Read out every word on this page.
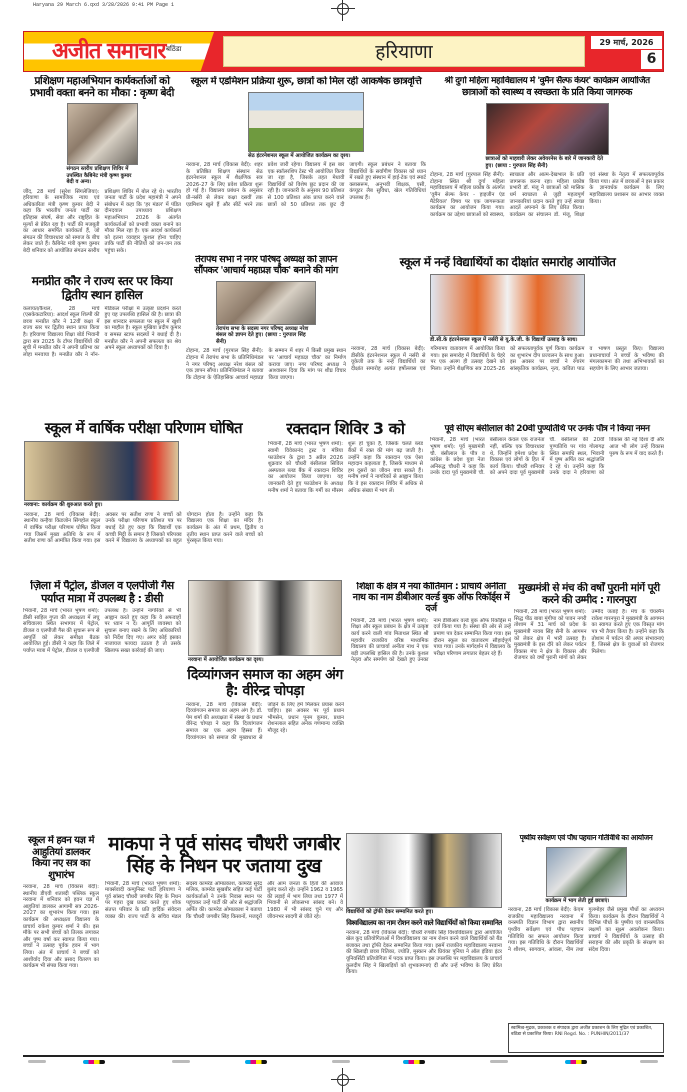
Haryana 29 March 6.qxd 3/28/2026 9:41 PM Page 1
अजीत समाचार बठिंडा	हरियाणा	29 मार्च, 2026
6
प्रशिक्षण महाअभियान कार्यकर्ताओं को प्रभावी वक्ता बनने का मौका : कृष्ण बेदी
संगठन स्तरीय प्रशिक्षण शिविर में उपस्थित कैबिनेट मंत्री कृष्ण कुमार बेदी व अन्य।
जींद, 28 मार्च (सुरेश सिंगलेजिया): हरियाणा के सामाजिक न्याय एवं अधिकारिता मंत्री कृष्ण कुमार बेदी ने कहा कि भारतीय जनता पार्टी का इतिहास संघर्ष, सेवा और राष्ट्रहित के मूल्यों से प्रेरित रहा है। पार्टी की मजबूती का आधार समर्पित कार्यकर्ता हैं, जो संगठन की विचारधारा को समाज के बीच लेकर जाते हैं। कैबिनेट मंत्री कृष्ण कुमार बेदी शनिवार को आयोजित संगठन स्तरीय प्रशिक्षण शिविर में बोल रहे थे। भारतीय जनता पार्टी के प्रदेश महामंत्री ने अपने संबोधन में कहा कि 'हर मंडल' में पंडित दीनदयाल उपाध्याय प्रशिक्षण महाअभियान 2026 के अंतर्गत कार्यकर्ताओं को प्रभावी वक्ता बनाने का मौका मिल रहा है। एक आदर्श कार्यकर्ता को इतना व्यवहार कुशल होना चाहिए ताकि पार्टी की नीतियों को जन-जन तक पहुंचा सके।
स्कूल में एडमिशन प्रक्रिया शुरू, छात्रों को मिल रही आकर्षक छात्रवृत्ति
सेठ इंटरनेशनल स्कूल में आयोजित कार्यक्रम का दृश्य।
नरवाना, 28 मार्च (विकास बेदी): शहर के प्रतिष्ठित शिक्षण संस्थान सेठ इंटरनेशनल स्कूल में शैक्षणिक सत्र 2026-27 के लिए प्रवेश प्रक्रिया शुरू हो गई है। विद्यालय प्रबंधन के अनुसार प्री-नर्सरी से लेकर कक्षा दसवीं तक एडमिशन खुले हैं और सीटें भरने तक प्रवेश जारी रहेगा। विद्यालय में इस बार एक स्कॉलरशिप टेस्ट भी आयोजित किया जा रहा है, जिसके तहत मेधावी विद्यार्थियों को विशेष छूट प्रदान की जा रही है। जानकारी के अनुसार 90 प्रतिशत से 100 प्रतिशत अंक प्राप्त करने वाले छात्रों को 50 प्रतिशत तक छूट दी जाएगी। स्कूल प्रबंधन ने बताया कि विद्यार्थियों के सर्वांगीण विकास को ध्यान में रखते हुए संस्थान में हाई-टेक एवं स्मार्ट क्लासरूम, अनुभवी शिक्षक, एसी, कंप्यूटर लैब सुविधा, खेल गतिविधियां उपलब्ध हैं।
श्री दुर्गा महिला महाविद्यालय में 'वुमैन सैल्फ केयर' कार्यक्रम आयोजित
छात्राओं को स्वास्थ्य व स्वच्छता के प्रति किया जागरुक
छात्राओं को माहवारी लेकर अवेयरनेस के बारे में जानकारी देते हुए। (छाया : गुरपाल सिंह सैनी)
टोहाना, 28 मार्च (गुरपाल सिंह सैनी): टोहाना स्थित श्री दुर्गा महिला महाविद्यालय में महिला प्रकोष्ठ के अंतर्गत 'वुमैन सेल्फ केयर - हाइजीन एंड मैटेरियल' विषय पर एक जागरूकता कार्यक्रम का आयोजन किया गया। कार्यक्रम का उद्देश्य छात्राओं को स्वास्थ्य, स्वच्छता और आत्म-देखभाल के प्रति जागरूक करना रहा। महिला प्रकोष्ठ प्रभारी डॉ. मंजू ने छात्राओं को मासिक धर्म स्वच्छता से जुड़ी महत्वपूर्ण जानकारियां प्रदान करते हुए उन्हें स्वच्छ आदतें अपनाने के लिए प्रेरित किया। कार्यक्रम का संचालन डॉ. मंजू, शिक्षा एवं संस्था के नेतृत्व में सफलतापूर्वक किया गया। अंत में छात्राओं ने इस प्रकार के ज्ञानवर्धक कार्यक्रम के लिए महाविद्यालय प्रशासन का आभार व्यक्त किया।
तेरापंथ सभा ने नगर परिषद् अध्यक्ष को ज्ञापन सौंपकर 'आचार्य महाप्रज्ञ चौक' बनाने की मांग
तेरापंथ सभा के सदस्य नगर परिषद् अध्यक्ष नरेश बंसल को ज्ञापन देते हुए। (छाया : गुरपाल सिंह सैनी)
टोहाना, 28 मार्च (गुरपाल सिंह सैनी): टोहाना में तेरापंथ सभा के प्रतिनिधिमंडल ने नगर परिषद् अध्यक्ष नरेश बंसल को एक ज्ञापन सौंपा। प्रतिनिधिमंडल ने बताया कि टोहाना के ऐतिहासिक आचार्य महाप्रज्ञ के सम्मान में शहर में किसी प्रमुख स्थान पर 'आचार्य महाप्रज्ञ चौक' का निर्माण कराया जाए। नगर परिषद अध्यक्ष ने आश्वासन दिया कि मांग पर शीघ्र विचार किया जाएगा।
स्कूल में नन्हें विद्यार्थियों का दीक्षांत समारोह आयोजित
डी.सी.के इंटरनेशनल स्कूल में नर्सरी से यू.के.जी. के विद्यार्थी उत्साह के साथ।
नरवाना, 28 मार्च (विकास बेदी): डीसीके इंटरनेशनल स्कूल में नर्सरी से यूकेजी तक के नन्हे विद्यार्थियों का दीक्षांत समारोह अत्यंत हर्षोल्लास एवं गरिमामय वातावरण में आयोजित किया गया। इस समारोह में विद्यार्थियों के चेहरे पर एक अलग ही उत्साह देखने को मिला। उन्होंने शैक्षणिक सत्र 2025-26 को सफलतापूर्वक पूर्ण किया। कार्यक्रम का शुभारंभ दीप प्रज्वलन के साथ हुआ। इस अवसर पर बच्चों ने रंगारंग सांस्कृतिक कार्यक्रम, नृत्य, कविता पाठ व भाषण प्रस्तुत किए। विद्यालय प्रधानाचार्या ने बच्चों के भविष्य की मंगलकामना की तथा अभिभावकों का सहयोग के लिए आभार जताया।
मनप्रीत कौर ने राज्य स्तर पर किया द्वितीय स्थान हासिल
कलायत/कैथल, 28 मार्च (एसकेकटारिया): आदर्श स्कूल शिल्पी की छात्रा मनप्रीत कौर ने 12वीं कक्षा में राज्य स्तर पर द्वितीय स्थान प्राप्त किया है। हरियाणा विद्यालय शिक्षा बोर्ड भिवानी द्वारा सत्र 2025 के टॉपर विद्यार्थियों की सूची में मनप्रीत कौर ने अपनी प्रतिभा का लोहा मनवाया है। मनप्रीत कौर ने नॉन-मेडिकल परीक्षा में उत्कृष्ट प्रदर्शन करते हुए यह उपलब्धि हासिल की है। छात्रा की इस शानदार सफलता पर स्कूल में खुशी का माहौल है। स्कूल मुखिया प्रदीप कुमार व समस्त स्टाफ सदस्यों ने बधाई दी है। मनप्रीत कौर ने अपनी सफलता का श्रेय अपने स्कूल अध्यापकों को दिया है।
स्कूल में वार्षिक परीक्षा परिणाम घोषित
नरवाना: कार्यक्रम की शुरुआत करते हुए।
नरवाना, 28 मार्च (विकास बेदी): स्थानीय कन्हैया किडजोन सिंगहोल स्कूल में वार्षिक परीक्षा परिणाम घोषित किया गया जिसमें मुख्य अतिथि के रूप में सतीश राणा को आमंत्रित किया गया। इस अवसर पर सतीश राणा ने बच्चों को उनके परीक्षा परिणाम प्रतिशत पत्र पर बधाई देते हुए कहा कि विद्यार्थी एक कच्ची मिट्टी के समान है जिसको परिपक्व करने में विद्यालय के अध्यापकों का बहुत योगदान होता है। उन्होंने कहा कि विद्यालय एक शिक्षा का मंदिर है। कार्यक्रम के अंत में प्रथम, द्वितीय व तृतीय स्थान प्राप्त करने वाले बच्चों को पुरस्कृत किया गया।
रक्तदान शिविर 3 को
भिवानी, 28 मार्च (भारत भूषण शर्मा): स्वामी विवेकानंद ट्रस्ट व मंत्रिया फाउंडेशन के द्वारा 3 अप्रैल 2026 शुक्रवार को चौधरी बंसीलाल सिविल अस्पताल ब्लड बैंक में रक्तदान शिविर का आयोजन किया जाएगा। यह जानकारी देते हुए फाउंडेशन के अध्यक्ष मनीष शर्मा ने बताया कि गर्मी का मौसम शुरू हो चुका है, जिसके चलते ब्लड बैंकों में रक्त की मांग बढ़ जाती है। उन्होंने कहा कि रक्तदान एक ऐसा महादान कहलाता है, जिसके माध्यम से हम दूसरों का जीवन बचा सकते हैं। मनीष शर्मा ने नागरिकों से आह्वान किया कि वे इस रक्तदान शिविर में अधिक से अधिक संख्या में भाग लें।
पूर्व सीएम बंसीलाल की 20वीं पुण्यतिथि पर उनके पौत्र ने किया नमन
भिवानी, 28 मार्च (भारत भूषण शर्मा): पूर्व मुख्यमंत्री चौ. बंसीलाल के पौत्र व कांग्रेस के प्रदेश युवा नेता अनिरुद्ध चौधरी ने कहा कि उनके दादा पूर्व मुख्यमंत्री चौ. बंसीलाल केवल एक राजनेता नहीं, बल्कि एक विचारधारा थे, जिन्होंने हमेशा प्रदेश के विकास एवं लोगों के हित में कार्य किया। चौधरी शनिवार को अपने दादा पूर्व मुख्यमंत्री चौ. बंसीलाल की 20वीं पुण्यतिथि पर गांव गोलागढ़ स्थित समाधि स्थल, भिवानी में पुष्प अर्पित कर श्रद्धांजलि दे रहे थे। उन्होंने कहा कि उनके दादा ने हरियाणा को विकास की नई दिशा दी और आज भी लोग उन्हें विकास पुरुष के रूप में याद करते हैं।
ज़िला में पैट्रोल, डीजल व एलपीजी गैस पर्याप्त मात्रा में उपलब्ध है : डीसी
भिवानी, 28 मार्च (भारत भूषण शर्मा): डीसी साहिल गुप्ता की अध्यक्षता में लघु सचिवालय स्थित सभागार में पेट्रोल, डीजल व एलपीजी गैस की सुचारू रूप से आपूर्ति को लेकर समीक्षा बैठक आयोजित हुई। डीसी ने कहा कि जिले में पर्याप्त मात्रा में पेट्रोल, डीजल व एलपीजी उपलब्ध है। उन्होंने नागरिकों से भी आह्वान करते हुए कहा कि वे अफवाहों पर ध्यान न दें। आपूर्ति व्यवस्था को सुचारू बनाए रखने के लिए अधिकारियों को निर्देश दिए गए। अगर कोई इसका नाजायज फायदा उठाता है तो उसके खिलाफ सख्त कार्रवाई की जाए।
नरवाना में आयोजित कार्यक्रम का दृश्य।
दिव्यांगजन समाज का अहम अंग है: वीरेन्द्र चोपड़ा
नरवाना, 28 मार्च (विकास बेदी): दिव्यांगजन समाज का अहम अंग है। डॉ. पेम शर्मा की अध्यक्षता में संस्था के प्रधान वीरेन्द्र चोपड़ा ने कहा कि दिव्यांगजन समाज का एक अहम हिस्सा हैं। दिव्यांगजन को समाज की मुख्यधारा से जोड़ने के लिए हमें मिलकर प्रयास करने चाहिए। इस अवसर पर पूर्व प्रधान भीमसेन, प्रधान पूनम कुमार, प्रधान रोशनलाल सहित अनेक गणमान्य व्यक्ति मौजूद रहे।
शिक्षा के क्षेत्र में नया कीर्तिमान : प्राचार्य अनीता नाथ का नाम डीबीआर वर्ल्ड बुक ऑफ रिकॉर्ड्स में दर्ज
भिवानी, 28 मार्च (भारत भूषण शर्मा): शिक्षा और स्कूल प्रबंधन के क्षेत्र में उत्कृष्ट कार्य करने वाली गांव मिताथल स्थित श्री महावीर राजकीय वरिष्ठ माध्यमिक विद्यालय की प्राचार्या अनीता नाथ ने एक बड़ी उपलब्धि हासिल की है। उनके कुशल नेतृत्व और समर्पण को देखते हुए उनका नाम डीबीआर वर्ल्ड बुक ऑफ रिकॉर्ड्स में दर्ज किया गया है। संस्था की ओर से उन्हें प्रमाण पत्र देकर सम्मानित किया गया। इस दौरान स्कूल का वातावरण सौहार्दपूर्ण पाया गया। उनके मार्गदर्शन में विद्यालय के परीक्षा परिणाम लगातार बेहतर रहे हैं।
मुख्यमंत्री से मंच की वर्षों पुरानी मांगें पूरी करने की उम्मीद : गारनपुरा
भिवानी, 28 मार्च (भारत भूषण शर्मा): सिद्ध पीठ बाबा मुंगीपा को पावन नगरी तोशाम में 31 मार्च को प्रदेश के मुख्यमंत्री नायब सिंह सैनी के आगमन को लेकर क्षेत्र में भारी उत्साह है। मुख्यमंत्री के इस दौरे को लेकर पर्यटन विकास मंच ने क्षेत्र के विकास और रोजगार को वर्षों पुरानी मांगों को लेकर उम्मीद जताई है। मंच के चेयरमैन राकेश गारनपुरा ने मुख्यमंत्री के आगमन का स्वागत करते हुए एक विस्तृत मांग पत्र भी तैयार किया है। उन्होंने कहा कि तोशाम में पर्यटन की अपार संभावनाएं हैं, जिससे क्षेत्र के युवाओं को रोजगार मिलेगा।
स्कूल में हवन यज्ञ में आहुतियां डालकर किया नए सत्र का शुभारंभ
नरवाना, 28 मार्च (विकास बेदी): स्थानीय डीएवी शताब्दी पब्लिक स्कूल नरवाना में शनिवार को हवन यज्ञ में आहुतियां डालकर आगामी सत्र 2026-2027 का शुभारंभ किया गया। इस कार्यक्रम की अध्यक्षता विद्यालय के प्राचार्य राकेश कुमार शर्मा ने की। इस मौके पर सभी बच्चों को तिलक लगाकर और पुष्प वर्षा कर स्वागत किया गया। बच्चों ने उत्साह पूर्वक हवन में भाग लिया। अंत में प्राचार्य ने बच्चों को आशीर्वाद दिया और प्रसाद वितरण का कार्यक्रम भी संपन्न किया गया।
माकपा ने पूर्व सांसद चौधरी जगबीर सिंह के निधन पर जताया दुख
भिवानी, 28 मार्च (भारत भूषण शर्मा): मार्क्सवादी कम्युनिस्ट पार्टी हरियाणा ने पूर्व सांसद चौधरी जगबीर सिंह के निधन पर गहरा दुख प्रकट करते हुए शोक संतप्त परिवार के प्रति हार्दिक संवेदना व्यक्त की। राज्य पार्टी के सचिव मंडल सदस्य कामरेड ओमप्रकाश, कामरेड सुरेंद्र मलिक, कामरेड सुखबीर सहित कई पार्टी कार्यकर्ताओं ने उनके निवास स्थान पर पहुंचकर उन्हें पार्टी की ओर से श्रद्धांजलि अर्पित की। कामरेड ओमप्रकाश ने बताया कि चौधरी जगबीर सिंह किसानों, मजदूरों और आम जनता के हितों की आवाज बुलंद करते रहे। उन्होंने 1962 व 1965 की लड़ाई में भाग लिया तथा 1977 में भिवानी से लोकसभा सांसद बने। वे 1980 में भी सांसद चुने गए और जीवनभर सादगी से जीते रहे।
विद्यार्थियों को ट्रॉफी देकर सम्मानित करते हुए।
विश्वविद्यालय का नाम रोशन करने वाले विद्यार्थियों को किया सम्मानित
नरवाना, 28 मार्च (विकास बेदी): चौधरी रणबीर सिंह विश्वविद्यालय द्वारा आयोजित खेल कूद प्रतियोगिताओं में विश्वविद्यालय का नाम रोशन करने वाले विद्यार्थियों को बैंड बजाकर तथा ट्रॉफी देकर सम्मानित किया गया। इसमें राजकीय महाविद्यालय नरवाना की खिलाड़ी छात्रा रितिका, ज्योति, मुस्कान और प्रियंका पूनिया ने ऑल इंडिया इंटर यूनिवर्सिटी प्रतियोगिता में पदक प्राप्त किया। इस उपलब्धि पर महाविद्यालय के प्राचार्य कुलदीप सिंह ने खिलाड़ियों को शुभकामनाएं दीं और उन्हें भविष्य के लिए प्रेरित किया।
पृथ्वीय सर्वेक्षण एवं पौध पहचान गतिविधि का आयोजन
कार्यक्रम में भाग लेती हुई छात्राएं।
नरवाना, 28 मार्च (विकास बेदी): केएम राजकीय महाविद्यालय नरवाना में वनस्पति विज्ञान विभाग द्वारा स्थानीय पृथ्वीय सर्वेक्षण एवं पौध पहचान गतिविधि का सफल आयोजन किया गया। इस गतिविधि के दौरान विद्यार्थियों ने शीशम, सागवान, आंवला, नीम तथा गुलमोहर जैसे प्रमुख पौधों का अध्ययन किया। कार्यक्रम के दौरान विद्यार्थियों ने विभिन्न पौधों के पुष्पीय एवं वानस्पतिक लक्षणों का सूक्ष्म अवलोकन किया। प्राचार्य ने विद्यार्थियों के उत्साह की सराहना की और प्रकृति के संरक्षण का संदेश दिया।
स्वामित्व-मुद्रक, प्रकाशक व संपादक द्वारा अजीत प्रकाशन के लिए मुद्रित एवं प्रकाशित, बठिंडा से प्रकाशित किया। RNI Regd. No. : PUNHIN/2011/37
